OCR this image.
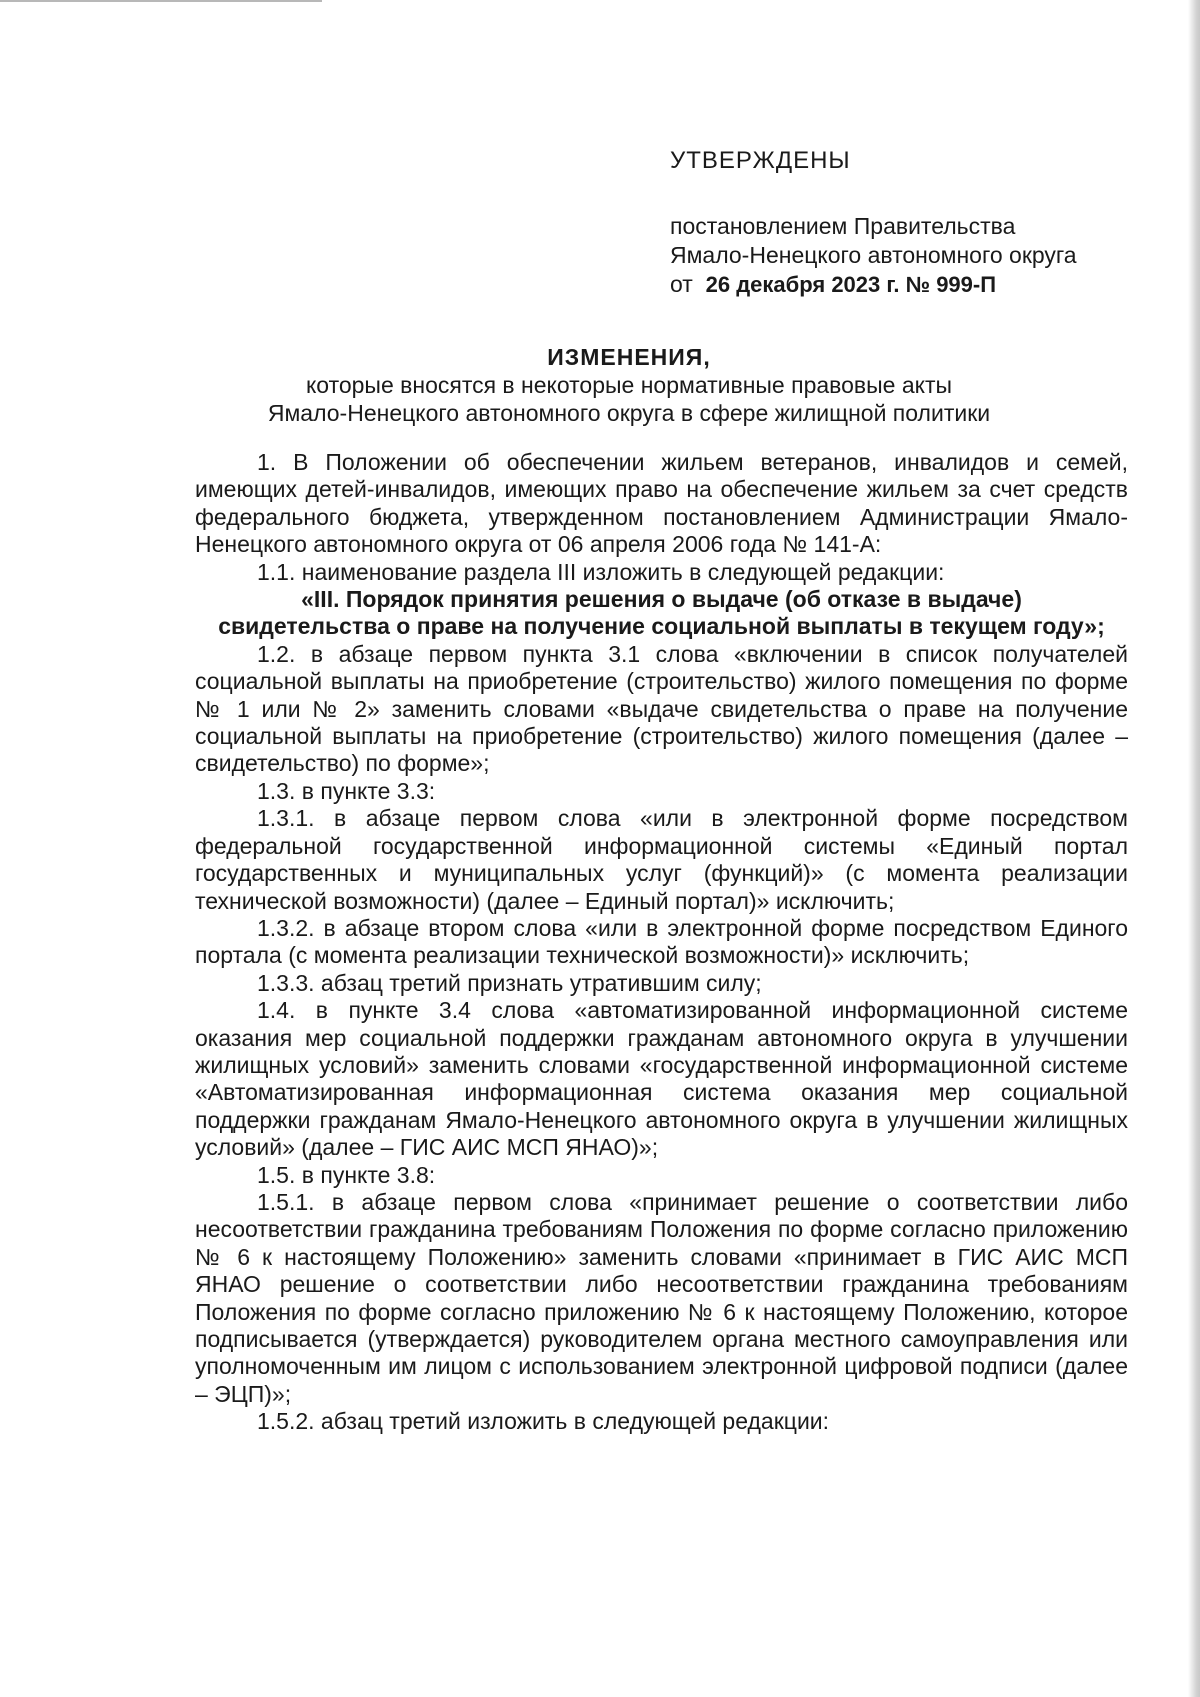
УТВЕРЖДЕНЫ
постановлением Правительства
Ямало-Ненецкого автономного округа
от 26 декабря 2023 г. № 999-П
ИЗМЕНЕНИЯ,
которые вносятся в некоторые нормативные правовые акты
Ямало-Ненецкого автономного округа в сфере жилищной политики

1. В Положении об обеспечении жильем ветеранов, инвалидов и семей, имеющих детей-инвалидов, имеющих право на обеспечение жильем за счет средств федерального бюджета, утвержденном постановлением Администрации Ямало-Ненецкого автономного округа от 06 апреля 2006 года № 141-А:

1.1. наименование раздела III изложить в следующей редакции:

«III. Порядок принятия решения о выдаче (об отказе в выдаче) свидетельства о праве на получение социальной выплаты в текущем году»;

1.2. в абзаце первом пункта 3.1 слова «включении в список получателей социальной выплаты на приобретение (строительство) жилого помещения по форме № 1 или № 2» заменить словами «выдаче свидетельства о праве на получение социальной выплаты на приобретение (строительство) жилого помещения (далее – свидетельство) по форме»;

1.3. в пункте 3.3:

1.3.1. в абзаце первом слова «или в электронной форме посредством федеральной государственной информационной системы «Единый портал государственных и муниципальных услуг (функций)» (с момента реализации технической возможности) (далее – Единый портал)» исключить;

1.3.2. в абзаце втором слова «или в электронной форме посредством Единого портала (с момента реализации технической возможности)» исключить;

1.3.3. абзац третий признать утратившим силу;

1.4. в пункте 3.4 слова «автоматизированной информационной системе оказания мер социальной поддержки гражданам автономного округа в улучшении жилищных условий» заменить словами «государственной информационной системе «Автоматизированная информационная система оказания мер социальной поддержки гражданам Ямало-Ненецкого автономного округа в улучшении жилищных условий» (далее – ГИС АИС МСП ЯНАО)»;

1.5. в пункте 3.8:

1.5.1. в абзаце первом слова «принимает решение о соответствии либо несоответствии гражданина требованиям Положения по форме согласно приложению № 6 к настоящему Положению» заменить словами «принимает в ГИС АИС МСП ЯНАО решение о соответствии либо несоответствии гражданина требованиям Положения по форме согласно приложению № 6 к настоящему Положению, которое подписывается (утверждается) руководителем органа местного самоуправления или уполномоченным им лицом с использованием электронной цифровой подписи (далее – ЭЦП)»;

1.5.2. абзац третий изложить в следующей редакции:
